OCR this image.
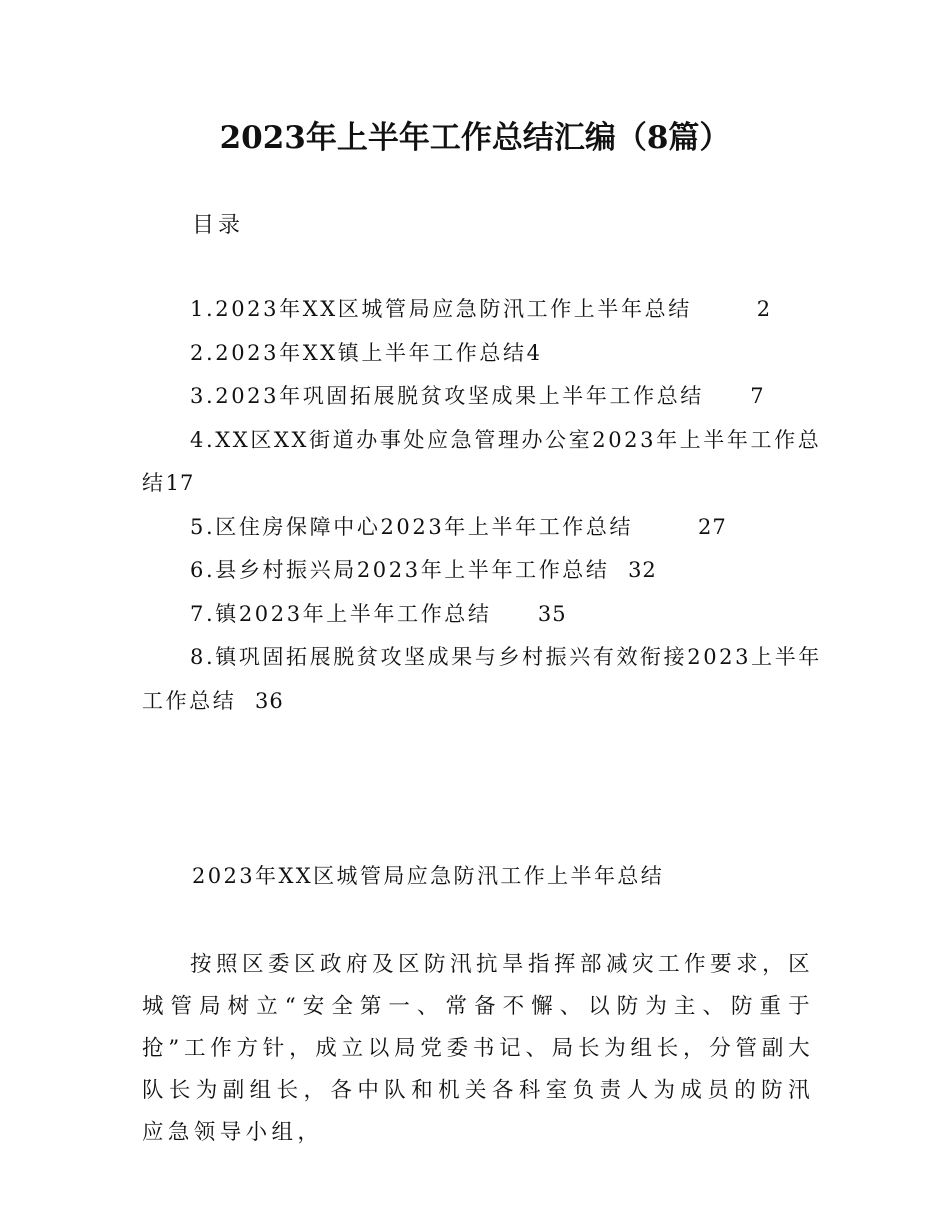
2023年上半年工作总结汇编（8篇）
目录
1.2023年XX区城管局应急防汛工作上半年总结	2
2.2023年XX镇上半年工作总结4
3.2023年巩固拓展脱贫攻坚成果上半年工作总结 7
4.XX区XX街道办事处应急管理办公室2023年上半年工作总结17
5.区住房保障中心2023年上半年工作总结	27
6.县乡村振兴局2023年上半年工作总结 32
7.镇2023年上半年工作总结 35
8.镇巩固拓展脱贫攻坚成果与乡村振兴有效衔接2023上半年工作总结 36
2023年XX区城管局应急防汛工作上半年总结

按照区委区政府及区防汛抗旱指挥部减灾工作要求，区城管局树立“安全第一、常备不懈、以防为主、防重于抢”工作方针，成立以局党委书记、局长为组长，分管副大队长为副组长，各中队和机关各科室负责人为成员的防汛应急领导小组，
